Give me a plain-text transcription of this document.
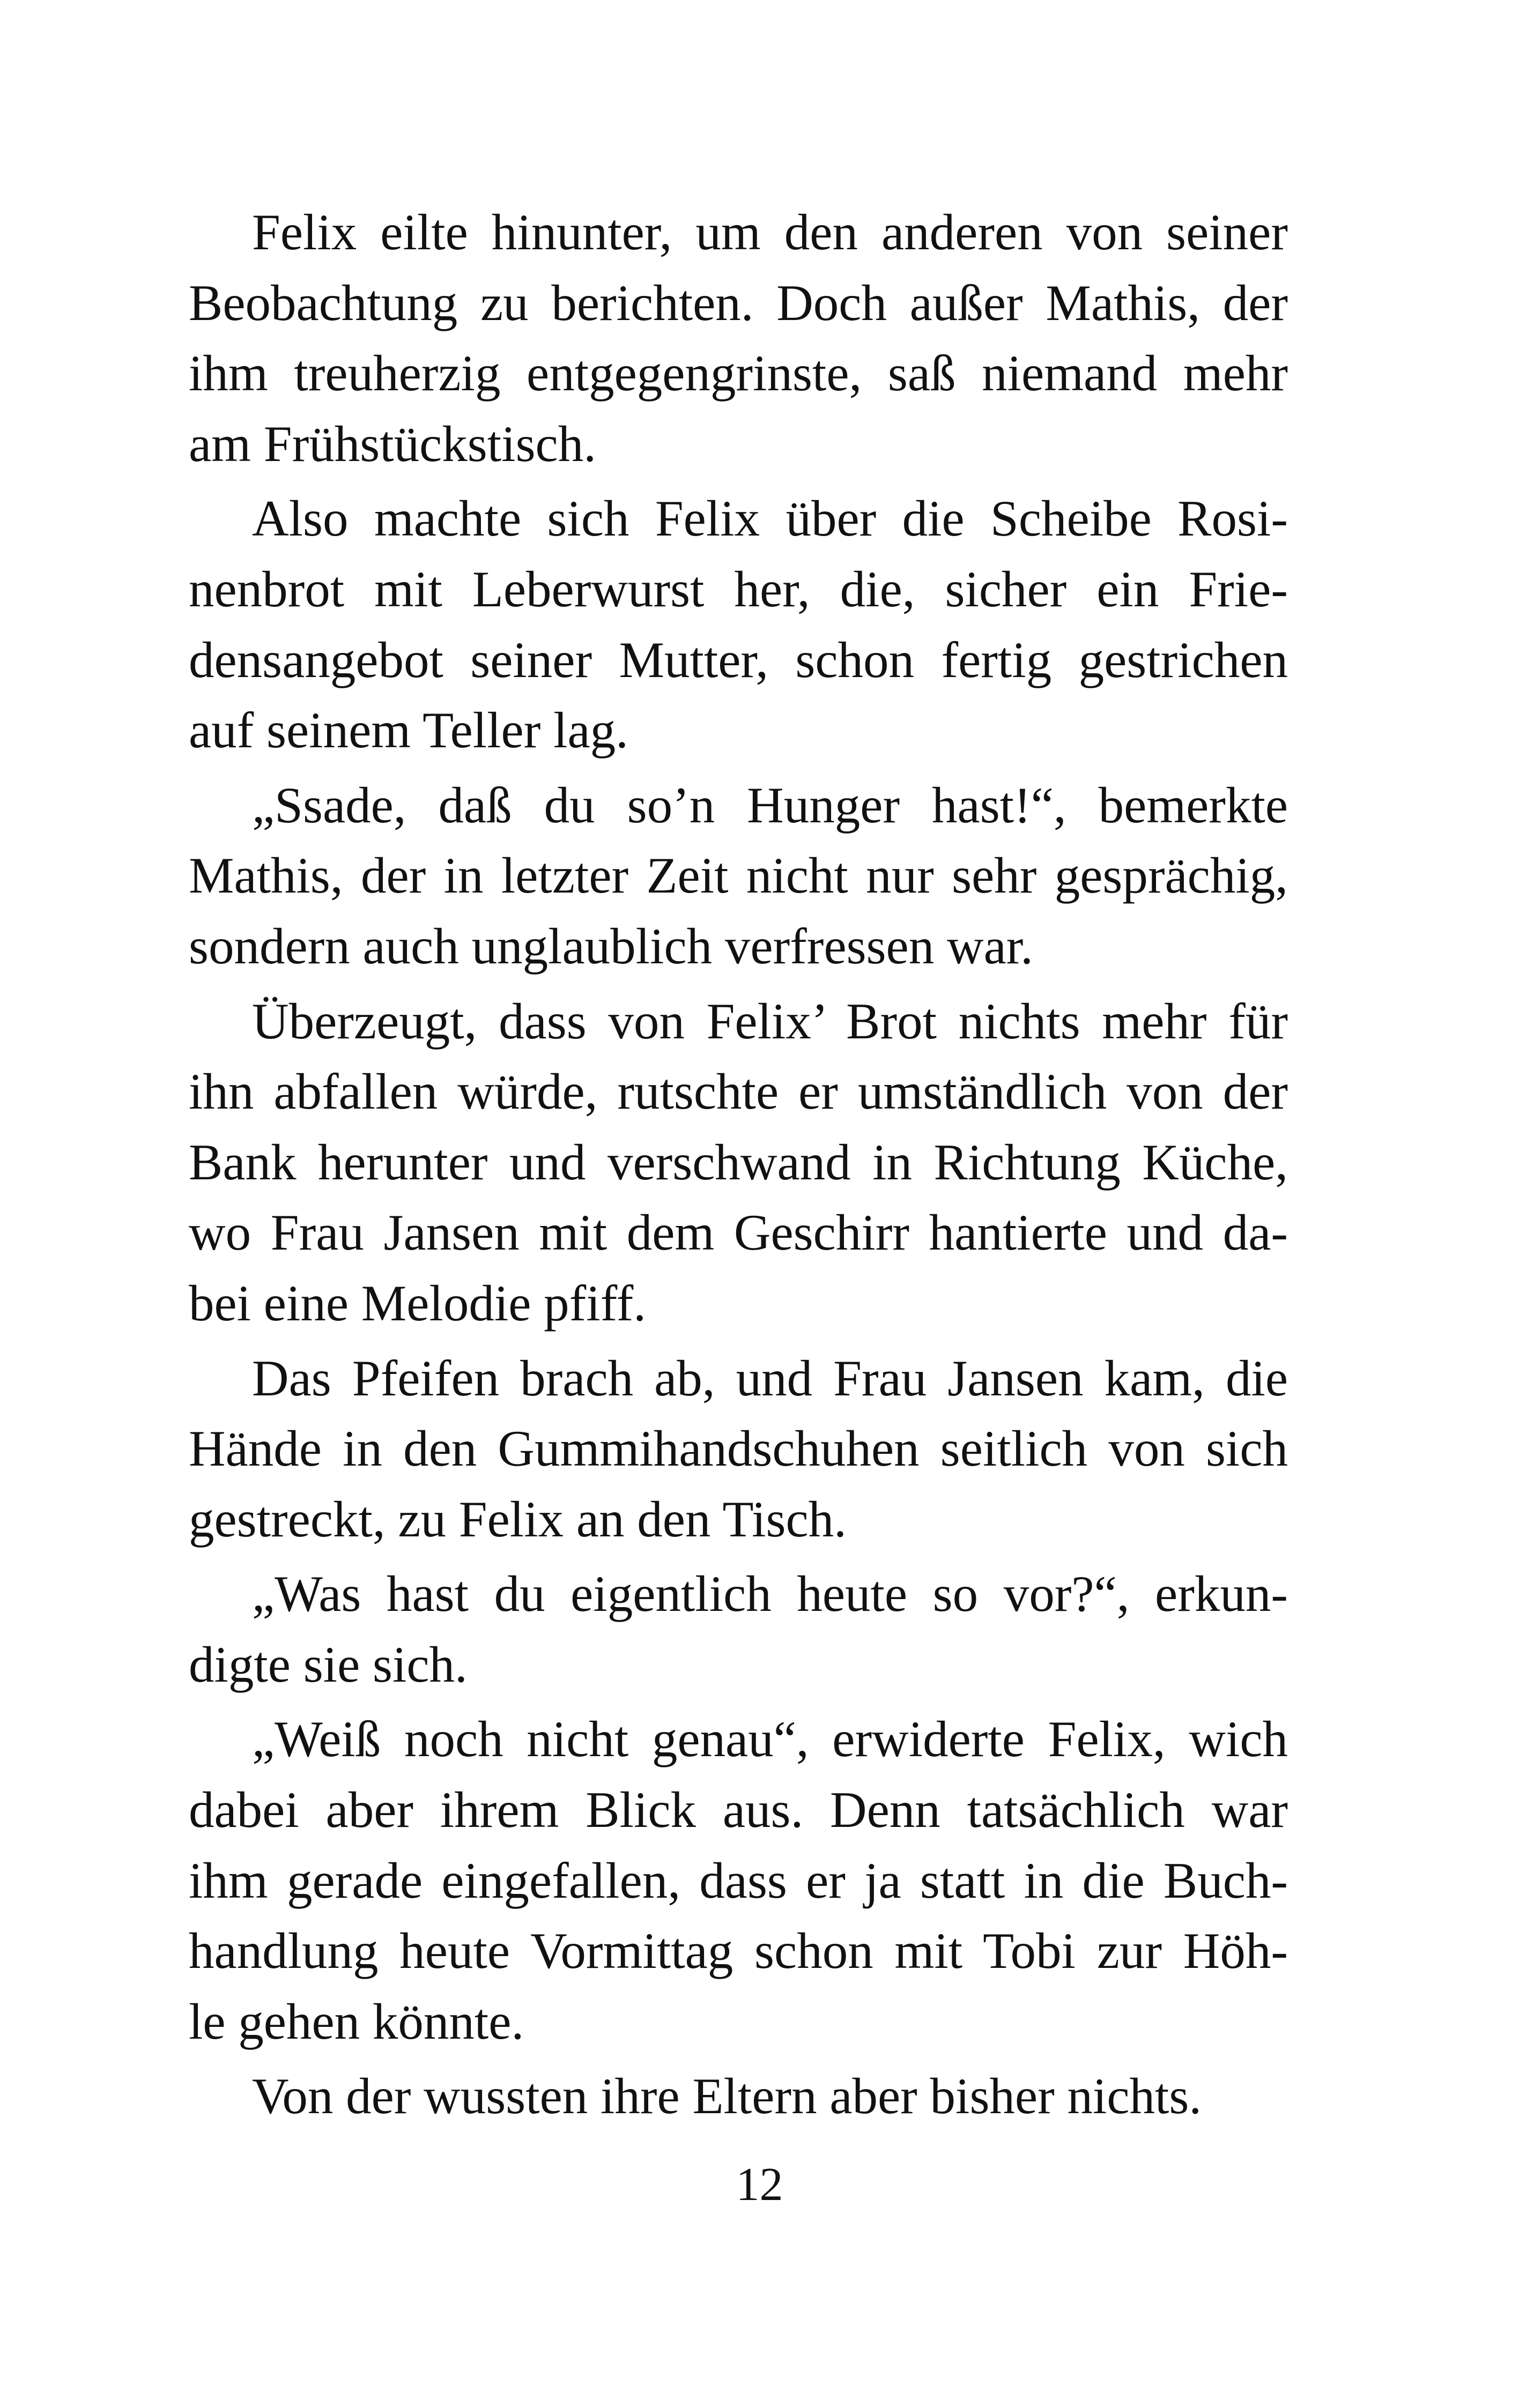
Felix eilte hinunter, um den anderen von seiner
Beobachtung zu berichten. Doch außer Mathis, der
ihm treuherzig entgegengrinste, saß niemand mehr
am Frühstückstisch.

Also machte sich Felix über die Scheibe Rosi-
nenbrot mit Leberwurst her, die, sicher ein Frie-
densangebot seiner Mutter, schon fertig gestrichen
auf seinem Teller lag.

„Ssade, daß du so’n Hunger hast!“, bemerkte
Mathis, der in letzter Zeit nicht nur sehr gesprächig,
sondern auch unglaublich verfressen war.

Überzeugt, dass von Felix’ Brot nichts mehr für
ihn abfallen würde, rutschte er umständlich von der
Bank herunter und verschwand in Richtung Küche,
wo Frau Jansen mit dem Geschirr hantierte und da-
bei eine Melodie pfiff.

Das Pfeifen brach ab, und Frau Jansen kam, die
Hände in den Gummihandschuhen seitlich von sich
gestreckt, zu Felix an den Tisch.

„Was hast du eigentlich heute so vor?“, erkun-
digte sie sich.

„Weiß noch nicht genau“, erwiderte Felix, wich
dabei aber ihrem Blick aus. Denn tatsächlich war
ihm gerade eingefallen, dass er ja statt in die Buch-
handlung heute Vormittag schon mit Tobi zur Höh-
le gehen könnte.

Von der wussten ihre Eltern aber bisher nichts.

12
